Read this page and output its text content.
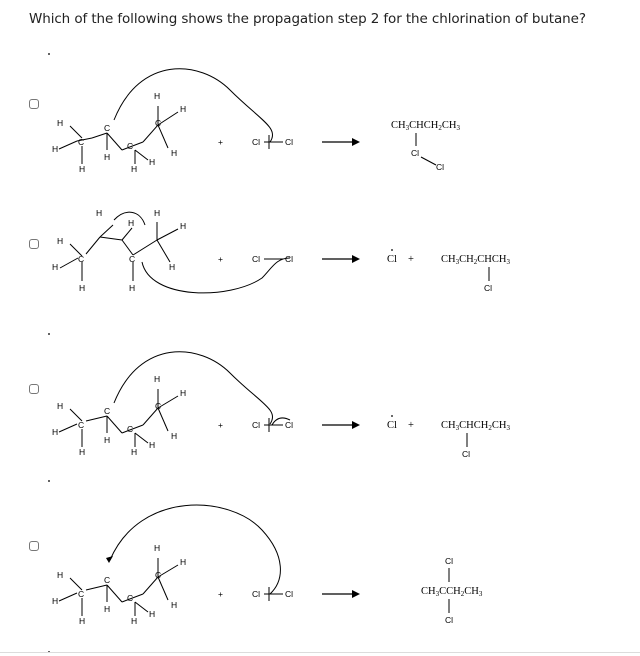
Which of the following shows the propagation step 2 for the chlorination of butane?
H
H
C
H
H
C
C
H
H
C
H
H
H
+	Cl	Cl
CH3CHCH2CH3
Cl
Cl
H
H
C
H
H
H
H
H
C
H
H
+	Cl	Cl	Cl +	CH3CH2CHCH3
Cl
H
H
C
H
H
C
C
H
H
C
H
H
H
+	Cl	Cl	Cl +	CH3CHCH2CH3
Cl
H
H
C
H
H
C
C
H
H
C
H
H
H
+	Cl	Cl
Cl
CH3CCH2CH3
Cl
